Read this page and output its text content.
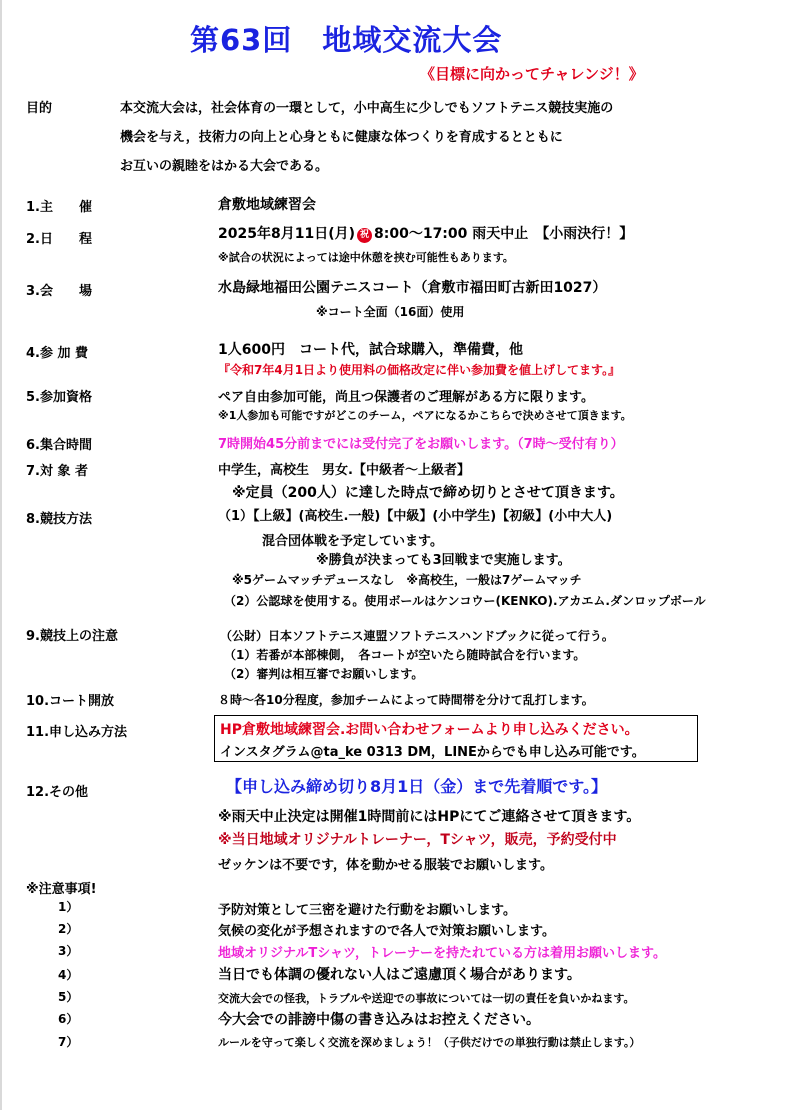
第63回　地域交流大会
《目標に向かってチャレンジ！》
目的	本交流大会は，社会体育の一環として，小中高生に少しでもソフトテニス競技実施の
機会を与え，技術力の向上と心身ともに健康な体つくりを育成するとともに
お互いの親睦をはかる大会である。
1.主　　催	倉敷地域練習会
2.日　　程	2025年8月11日(月) 祝 8:00～17:00 雨天中止　【小雨決行！】
※試合の状況によっては途中休憩を挟む可能性もあります。
3.会　　場	水島緑地福田公園テニスコート（倉敷市福田町古新田1027）
※コート全面（16面）使用
4.参 加 費	1人600円　コート代，試合球購入，準備費，他
『令和7年4月1日より使用料の価格改定に伴い参加費を値上げしてます。』
5.参加資格	ペア自由参加可能，尚且つ保護者のご理解がある方に限ります。
※1人参加も可能ですがどこのチーム，ペアになるかこちらで決めさせて頂きます。
6.集合時間	7時開始45分前までには受付完了をお願いします。（7時～受付有り）
7.対 象 者	中学生，高校生　男女.【中級者～上級者】
※定員（200人）に達した時点で締め切りとさせて頂きます。
8.競技方法	（1）【上級】(高校生.一般)【中級】(小中学生)【初級】(小中大人)
混合団体戦を予定しています。
※勝負が決まっても3回戦まで実施します。
※5ゲームマッチデュースなし　※高校生，一般は7ゲームマッチ
（2）公認球を使用する。使用ボールはケンコウー(KENKO).アカエム.ダンロップボール
9.競技上の注意	（公財）日本ソフトテニス連盟ソフトテニスハンドブックに従って行う。
（1）若番が本部棟側，　各コートが空いたら随時試合を行います。
（2）審判は相互審でお願いします。
10.コート開放	８時～各10分程度，参加チームによって時間帯を分けて乱打します。
11.申し込み方法	HP倉敷地域練習会.お問い合わせフォームより申し込みください。
インスタグラム@ta_ke 0313 DM，LINEからでも申し込み可能です。
12.その他	【申し込み締め切り8月1日（金）まで先着順です。】
※雨天中止決定は開催1時間前にはHPにてご連絡させて頂きます。
※当日地域オリジナルトレーナー，Tシャツ，販売，予約受付中
ゼッケンは不要です，体を動かせる服装でお願いします。
※注意事項!
1）	予防対策として三密を避けた行動をお願いします。
2）	気候の変化が予想されますので各人で対策お願いします。
3）	地域オリジナルTシャツ，トレーナーを持たれている方は着用お願いします。
4）	当日でも体調の優れない人はご遠慮頂く場合があります。
5）	交流大会での怪我，トラブルや送迎での事故については一切の責任を負いかねます。
6）	今大会での誹謗中傷の書き込みはお控えください。
7）	ルールを守って楽しく交流を深めましょう！（子供だけでの単独行動は禁止します。）
